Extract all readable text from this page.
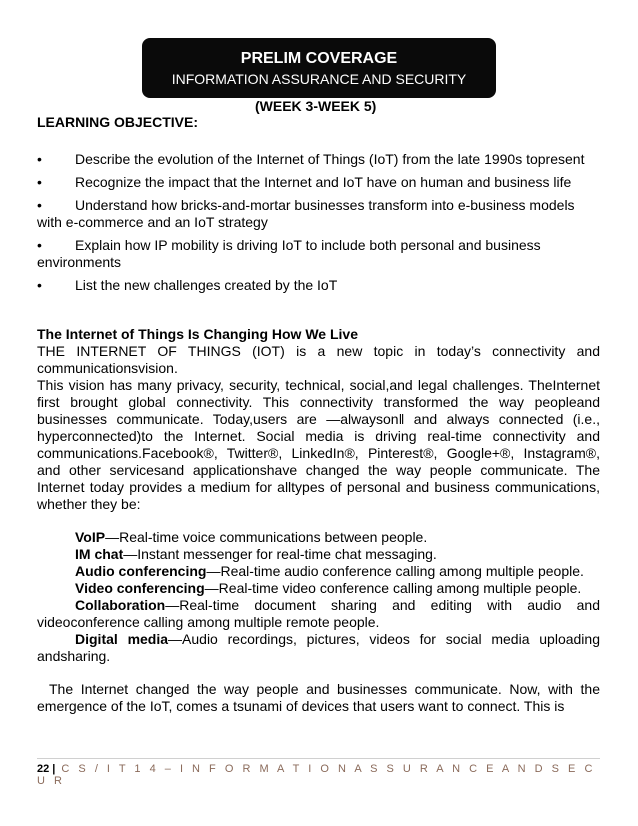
PRELIM COVERAGE
INFORMATION ASSURANCE AND SECURITY
(WEEK 3-WEEK 5)
LEARNING OBJECTIVE:
• Describe the evolution of the Internet of Things (IoT) from the late 1990s topresent
• Recognize the impact that the Internet and IoT have on human and business life
• Understand how bricks-and-mortar businesses transform into e-business models with e-commerce and an IoT strategy
• Explain how IP mobility is driving IoT to include both personal and business environments
• List the new challenges created by the IoT
The Internet of Things Is Changing How We Live

THE INTERNET OF THINGS (IOT) is a new topic in today’s connectivity and communicationsvision.

This vision has many privacy, security, technical, social,and legal challenges. TheInternet first brought global connectivity. This connectivity transformed the way peopleand businesses communicate. Today,users are ―alwaysonǁ and always connected (i.e., hyperconnected)to the Internet. Social media is driving real-time connectivity and communications.Facebook®, Twitter®, LinkedIn®, Pinterest®, Google+®, Instagram®, and other servicesand applicationshave changed the way people communicate. The Internet today provides a medium for alltypes of personal and business communications, whether they be:

VoIP—Real-time voice communications between people.

IM chat—Instant messenger for real-time chat messaging.

Audio conferencing—Real-time audio conference calling among multiple people.

Video conferencing—Real-time video conference calling among multiple people.

Collaboration—Real-time document sharing and editing with audio and videoconference calling among multiple remote people.

Digital media—Audio recordings, pictures, videos for social media uploading andsharing.

The Internet changed the way people and businesses communicate. Now, with the emergence of the IoT, comes a tsunami of devices that users want to connect. This is

22 | C S / I T 1 4 – I N F O R M A T I O N A S S U R A N C E A N D S E C U R
